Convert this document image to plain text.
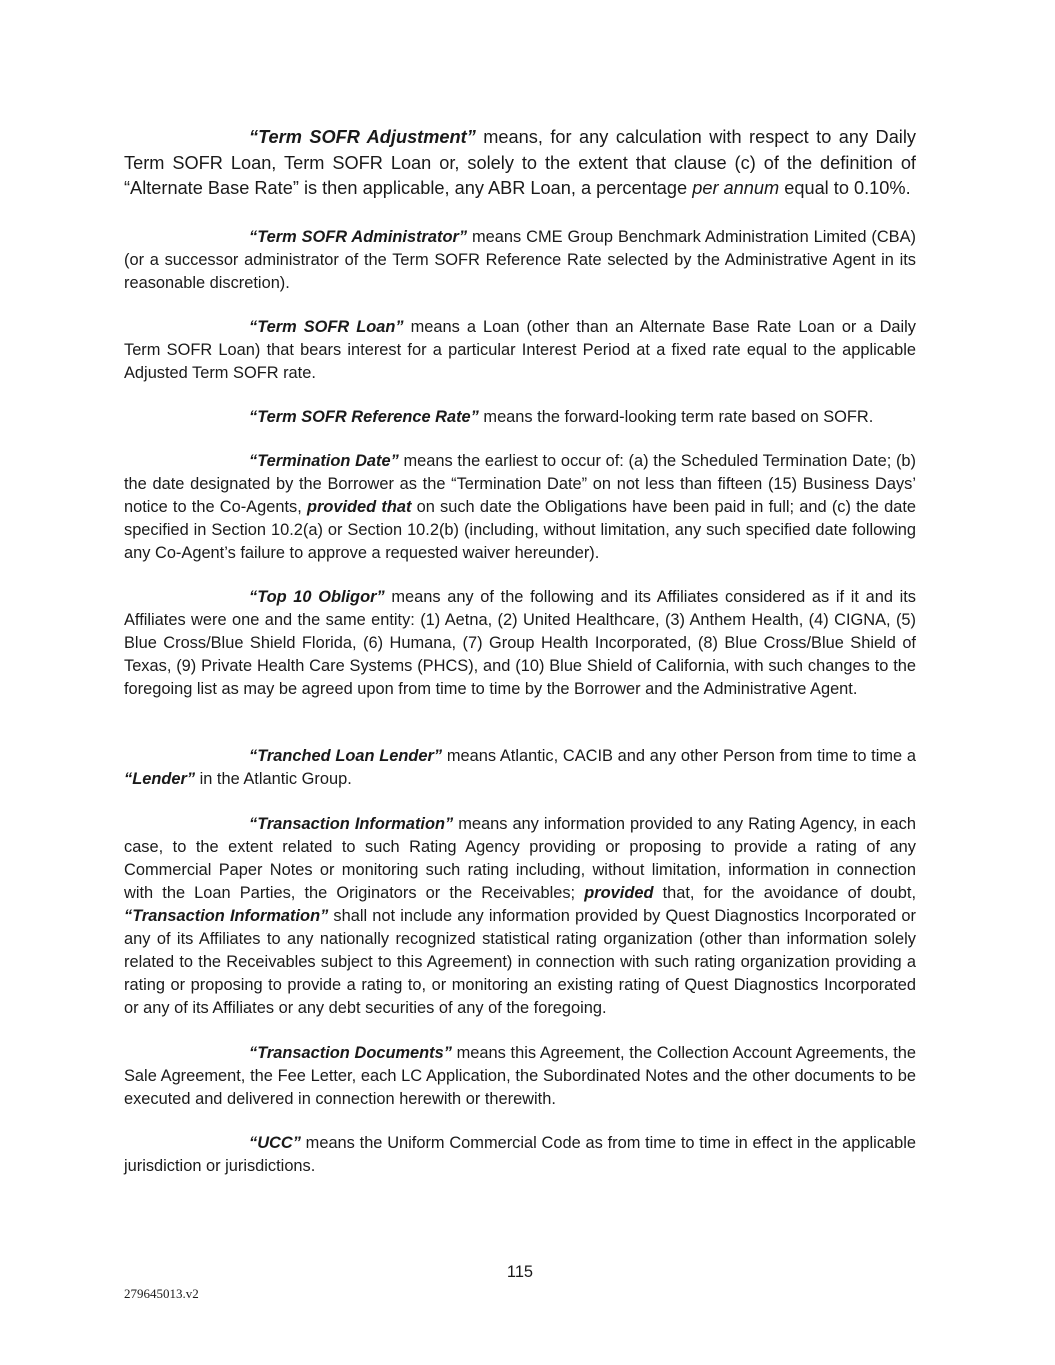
“Term SOFR Adjustment” means, for any calculation with respect to any Daily Term SOFR Loan, Term SOFR Loan or, solely to the extent that clause (c) of the definition of “Alternate Base Rate” is then applicable, any ABR Loan, a percentage per annum equal to 0.10%.

“Term SOFR Administrator” means CME Group Benchmark Administration Limited (CBA) (or a successor administrator of the Term SOFR Reference Rate selected by the Administrative Agent in its reasonable discretion).

“Term SOFR Loan” means a Loan (other than an Alternate Base Rate Loan or a Daily Term SOFR Loan) that bears interest for a particular Interest Period at a fixed rate equal to the applicable Adjusted Term SOFR rate.

“Term SOFR Reference Rate” means the forward-looking term rate based on SOFR.

“Termination Date” means the earliest to occur of: (a) the Scheduled Termination Date; (b) the date designated by the Borrower as the “Termination Date” on not less than fifteen (15) Business Days’ notice to the Co-Agents, provided that on such date the Obligations have been paid in full; and (c) the date specified in Section 10.2(a) or Section 10.2(b) (including, without limitation, any such specified date following any Co-Agent’s failure to approve a requested waiver hereunder).

“Top 10 Obligor” means any of the following and its Affiliates considered as if it and its Affiliates were one and the same entity: (1) Aetna, (2) United Healthcare, (3) Anthem Health, (4) CIGNA, (5) Blue Cross/Blue Shield Florida, (6) Humana, (7) Group Health Incorporated, (8) Blue Cross/Blue Shield of Texas, (9) Private Health Care Systems (PHCS), and (10) Blue Shield of California, with such changes to the foregoing list as may be agreed upon from time to time by the Borrower and the Administrative Agent.

“Tranched Loan Lender” means Atlantic, CACIB and any other Person from time to time a “Lender” in the Atlantic Group.

“Transaction Information” means any information provided to any Rating Agency, in each case, to the extent related to such Rating Agency providing or proposing to provide a rating of any Commercial Paper Notes or monitoring such rating including, without limitation, information in connection with the Loan Parties, the Originators or the Receivables; provided that, for the avoidance of doubt, “Transaction Information” shall not include any information provided by Quest Diagnostics Incorporated or any of its Affiliates to any nationally recognized statistical rating organization (other than information solely related to the Receivables subject to this Agreement) in connection with such rating organization providing a rating or proposing to provide a rating to, or monitoring an existing rating of Quest Diagnostics Incorporated or any of its Affiliates or any debt securities of any of the foregoing.

“Transaction Documents” means this Agreement, the Collection Account Agreements, the Sale Agreement, the Fee Letter, each LC Application, the Subordinated Notes and the other documents to be executed and delivered in connection herewith or therewith.

“UCC” means the Uniform Commercial Code as from time to time in effect in the applicable jurisdiction or jurisdictions.

115
279645013.v2
